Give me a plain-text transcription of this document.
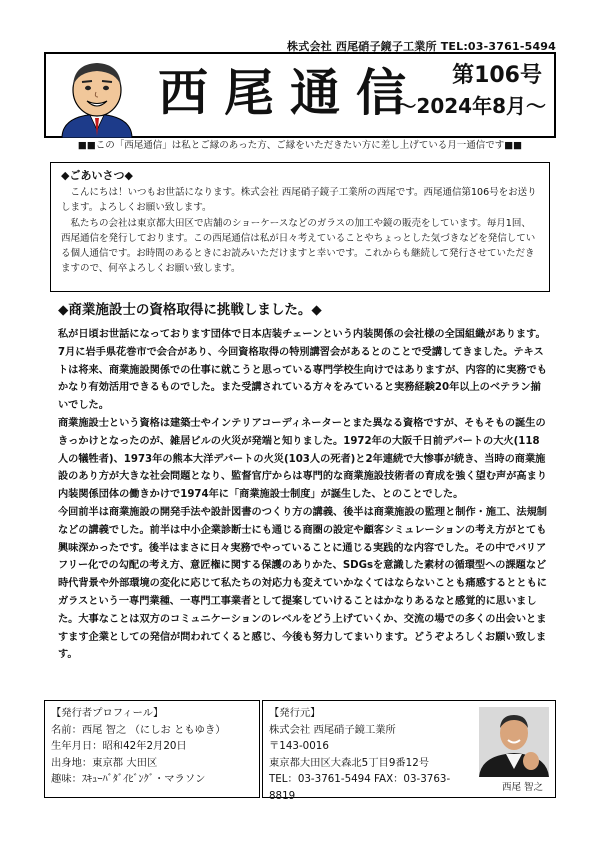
株式会社 西尾硝子鏡子工業所 TEL:03-3761-5494
西尾通信 第106号
～2024年8月～
■■この「西尾通信」は私とご縁のあった方、ご縁をいただきたい方に差し上げている月一通信です■■
◆ごあいさつ◆

こんにちは！いつもお世話になります。株式会社 西尾硝子鏡子工業所の西尾です。西尾通信第106号をお送りします。よろしくお願い致します。

私たちの会社は東京都大田区で店舗のショーケースなどのガラスの加工や鏡の販売をしています。毎月1回、西尾通信を発行しております。この西尾通信は私が日々考えていることやちょっとした気づきなどを発信している個人通信です。お時間のあるときにお読みいただけますと幸いです。これからも継続して発行させていただきますので、何卒よろしくお願い致します。

◆商業施設士の資格取得に挑戦しました。◆

私が日頃お世話になっております団体で日本店装チェーンという内装関係の会社様の全国組織があります。7月に岩手県花巻市で会合があり、今回資格取得の特別講習会があるとのことで受講してきました。テキストは将来、商業施設関係での仕事に就こうと思っている専門学校生向けではありますが、内容的に実務でもかなり有効活用できるものでした。また受講されている方々をみていると実務経験20年以上のベテラン揃いでした。

商業施設士という資格は建築士やインテリアコーディネーターとまた異なる資格ですが、そもそもの誕生のきっかけとなったのが、雑居ビルの火災が発端と知りました。1972年の大阪千日前デパートの大火(118人の犠牲者)、1973年の熊本大洋デパートの火災(103人の死者)と2年連続で大惨事が続き、当時の商業施設のあり方が大きな社会問題となり、監督官庁からは専門的な商業施設技術者の育成を強く望む声が高まり内装関係団体の働きかけで1974年に「商業施設士制度」が誕生した、とのことでした。

今回前半は商業施設の開発手法や設計図書のつくり方の講義、後半は商業施設の監理と制作・施工、法規制などの講義でした。前半は中小企業診断士にも通じる商圏の設定や顧客シミュレーションの考え方がとても興味深かったです。後半はまさに日々実務でやっていることに通じる実践的な内容でした。その中でバリアフリー化での勾配の考え方、意匠権に関する保護のありかた、SDGsを意識した素材の循環型への課題など時代背景や外部環境の変化に応じて私たちの対応力も変えていかなくてはならないことも痛感するとともにガラスという一専門業種、一専門工事業者として提案していけることはかなりあるなと感覚的に思いました。大事なことは双方のコミュニケーションのレベルをどう上げていくか、交流の場での多くの出会いとますます企業としての発信が問われてくると感じ、今後も努力してまいります。どうぞよろしくお願い致します。

【発行者プロフィール】
名前：西尾 智之 （にしお ともゆき）
生年月日：昭和42年2月20日
出身地：東京都 大田区
趣味：ｽｷｭｰﾊﾞﾀﾞｲﾋﾞﾝｸﾞ・マラソン
【発行元】
株式会社 西尾硝子鏡工業所
〒143-0016
東京都大田区大森北5丁目9番12号
TEL：03-3761-5494 FAX：03-3763-8819
西尾 智之
